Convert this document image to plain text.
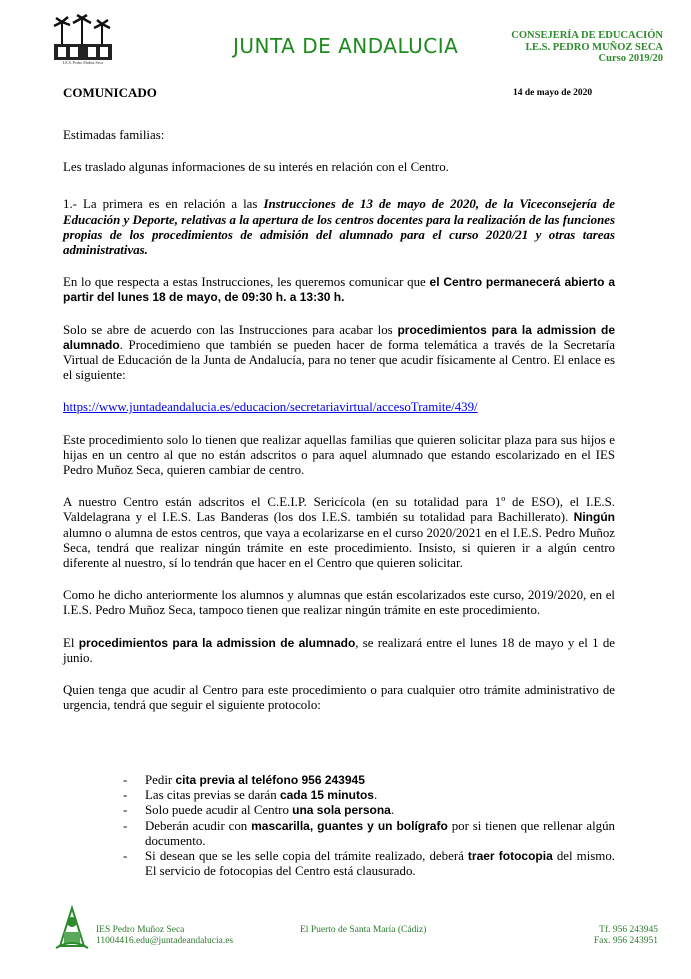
I.E.S. Pedro Muñoz Seca
JUNTA DE ANDALUCIA	CONSEJERÍA DE EDUCACIÓN
I.E.S. PEDRO MUÑOZ SECA
Curso 2019/20
COMUNICADO	14 de mayo de 2020

Estimadas familias:

Les traslado algunas informaciones de su interés en relación con el Centro.

1.- La primera es en relación a las Instrucciones de 13 de mayo de 2020, de la Viceconsejería de Educación y Deporte, relativas a la apertura de los centros docentes para la realización de las funciones propias de los procedimientos de admisión del alumnado para el curso 2020/21 y otras tareas administrativas.

En lo que respecta a estas Instrucciones, les queremos comunicar que el Centro permanecerá abierto a partir del lunes 18 de mayo, de 09:30 h. a 13:30 h.

Solo se abre de acuerdo con las Instrucciones para acabar los procedimientos para la admission de alumnado. Procedimieno que también se pueden hacer de forma telemática a través de la Secretaría Virtual de Educación de la Junta de Andalucía, para no tener que acudir físicamente al Centro. El enlace es el siguiente:

https://www.juntadeandalucia.es/educacion/secretariavirtual/accesoTramite/439/

Este procedimiento solo lo tienen que realizar aquellas familias que quieren solicitar plaza para sus hijos e hijas en un centro al que no están adscritos o para aquel alumnado que estando escolarizado en el IES Pedro Muñoz Seca, quieren cambiar de centro.

A nuestro Centro están adscritos el C.E.I.P. Sericícola (en su totalidad para 1º de ESO), el I.E.S. Valdelagrana y el I.E.S. Las Banderas (los dos I.E.S. también su totalidad para Bachillerato). Ningún alumno o alumna de estos centros, que vaya a ecolarizarse en el curso 2020/2021 en el I.E.S. Pedro Muñoz Seca, tendrá que realizar ningún trámite en este procedimiento. Insisto, si quieren ir a algún centro diferente al nuestro, sí lo tendrán que hacer en el Centro que quieren solicitar.

Como he dicho anteriormente los alumnos y alumnas que están escolarizados este curso, 2019/2020, en el I.E.S. Pedro Muñoz Seca, tampoco tienen que realizar ningún trámite en este procedimiento.

El procedimientos para la admission de alumnado, se realizará entre el lunes 18 de mayo y el 1 de junio.

Quien tenga que acudir al Centro para este procedimiento o para cualquier otro trámite administrativo de urgencia, tendrá que seguir el siguiente protocolo:

- Pedir cita previa al teléfono 956 243945
- Las citas previas se darán cada 15 minutos.
- Solo puede acudir al Centro una sola persona.
- Deberán acudir con mascarilla, guantes y un bolígrafo por si tienen que rellenar algún documento.
- Si desean que se les selle copia del trámite realizado, deberá traer fotocopia del mismo. El servicio de fotocopias del Centro está clausurado.
IES Pedro Muñoz Seca
11004416.edu@juntadeandalucia.es
El Puerto de Santa María (Cádiz)	Tf. 956 243945
Fax. 956 243951
